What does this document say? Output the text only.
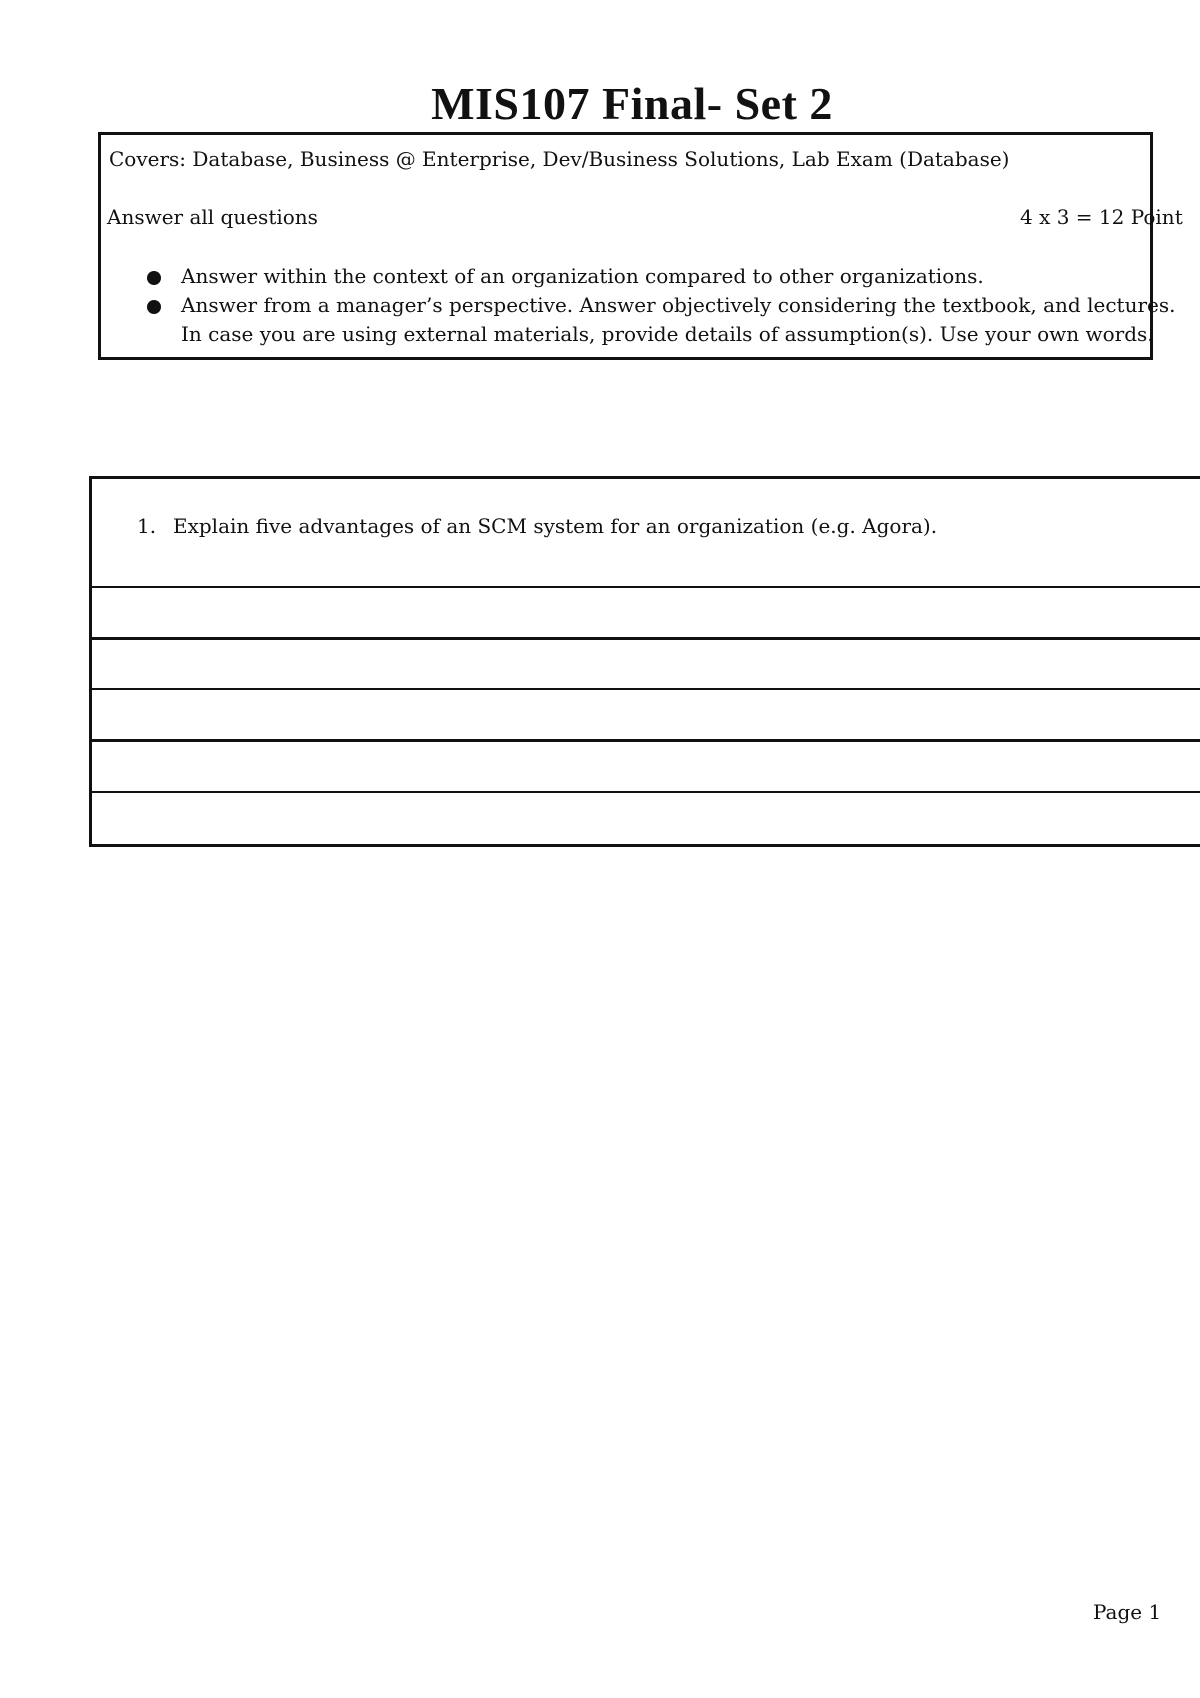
MIS107 Final- Set 2
Covers: Database, Business @ Enterprise, Dev/Business Solutions, Lab Exam (Database)
Answer all questions	4 x 3 = 12 Point
Answer within the context of an organization compared to other organizations.
Answer from a manager’s perspective. Answer objectively considering the textbook, and lectures.
In case you are using external materials, provide details of assumption(s). Use your own words.
1. Explain five advantages of an SCM system for an organization (e.g. Agora).
Page 1
